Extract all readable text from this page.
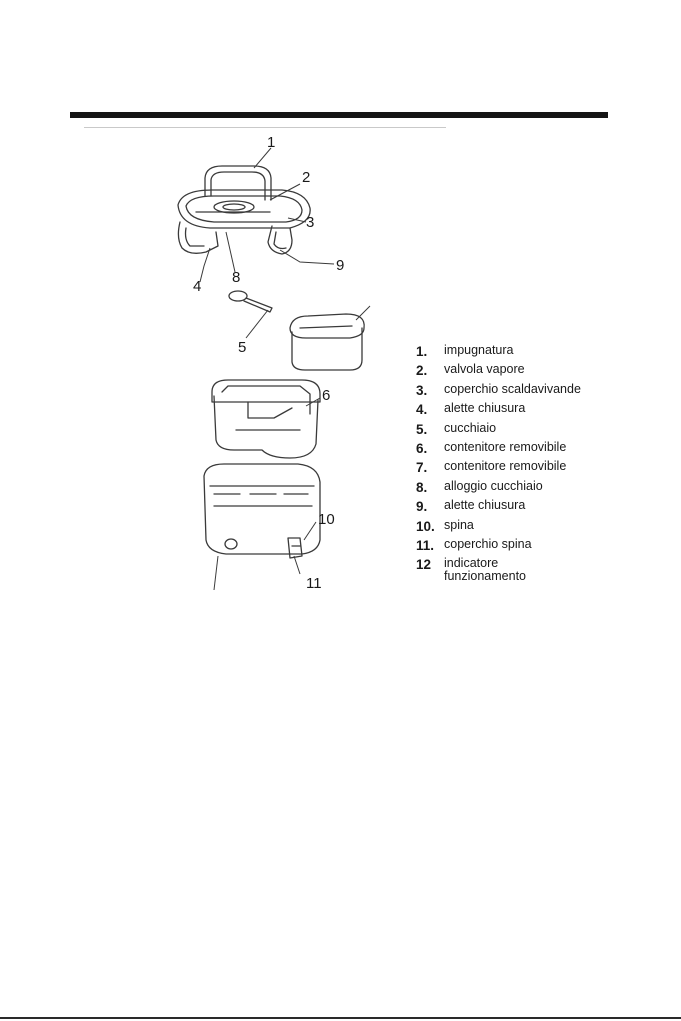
1
2
3
4
5
6
8
9
10
11
1.	impugnatura
2.	valvola vapore
3.	coperchio scaldavivande
4.	alette chiusura
5.	cucchiaio
6.	contenitore removibile
7.	contenitore removibile
8.	alloggio cucchiaio
9.	alette chiusura
10. spina
11. coperchio spina
12	indicatore funzionamento
